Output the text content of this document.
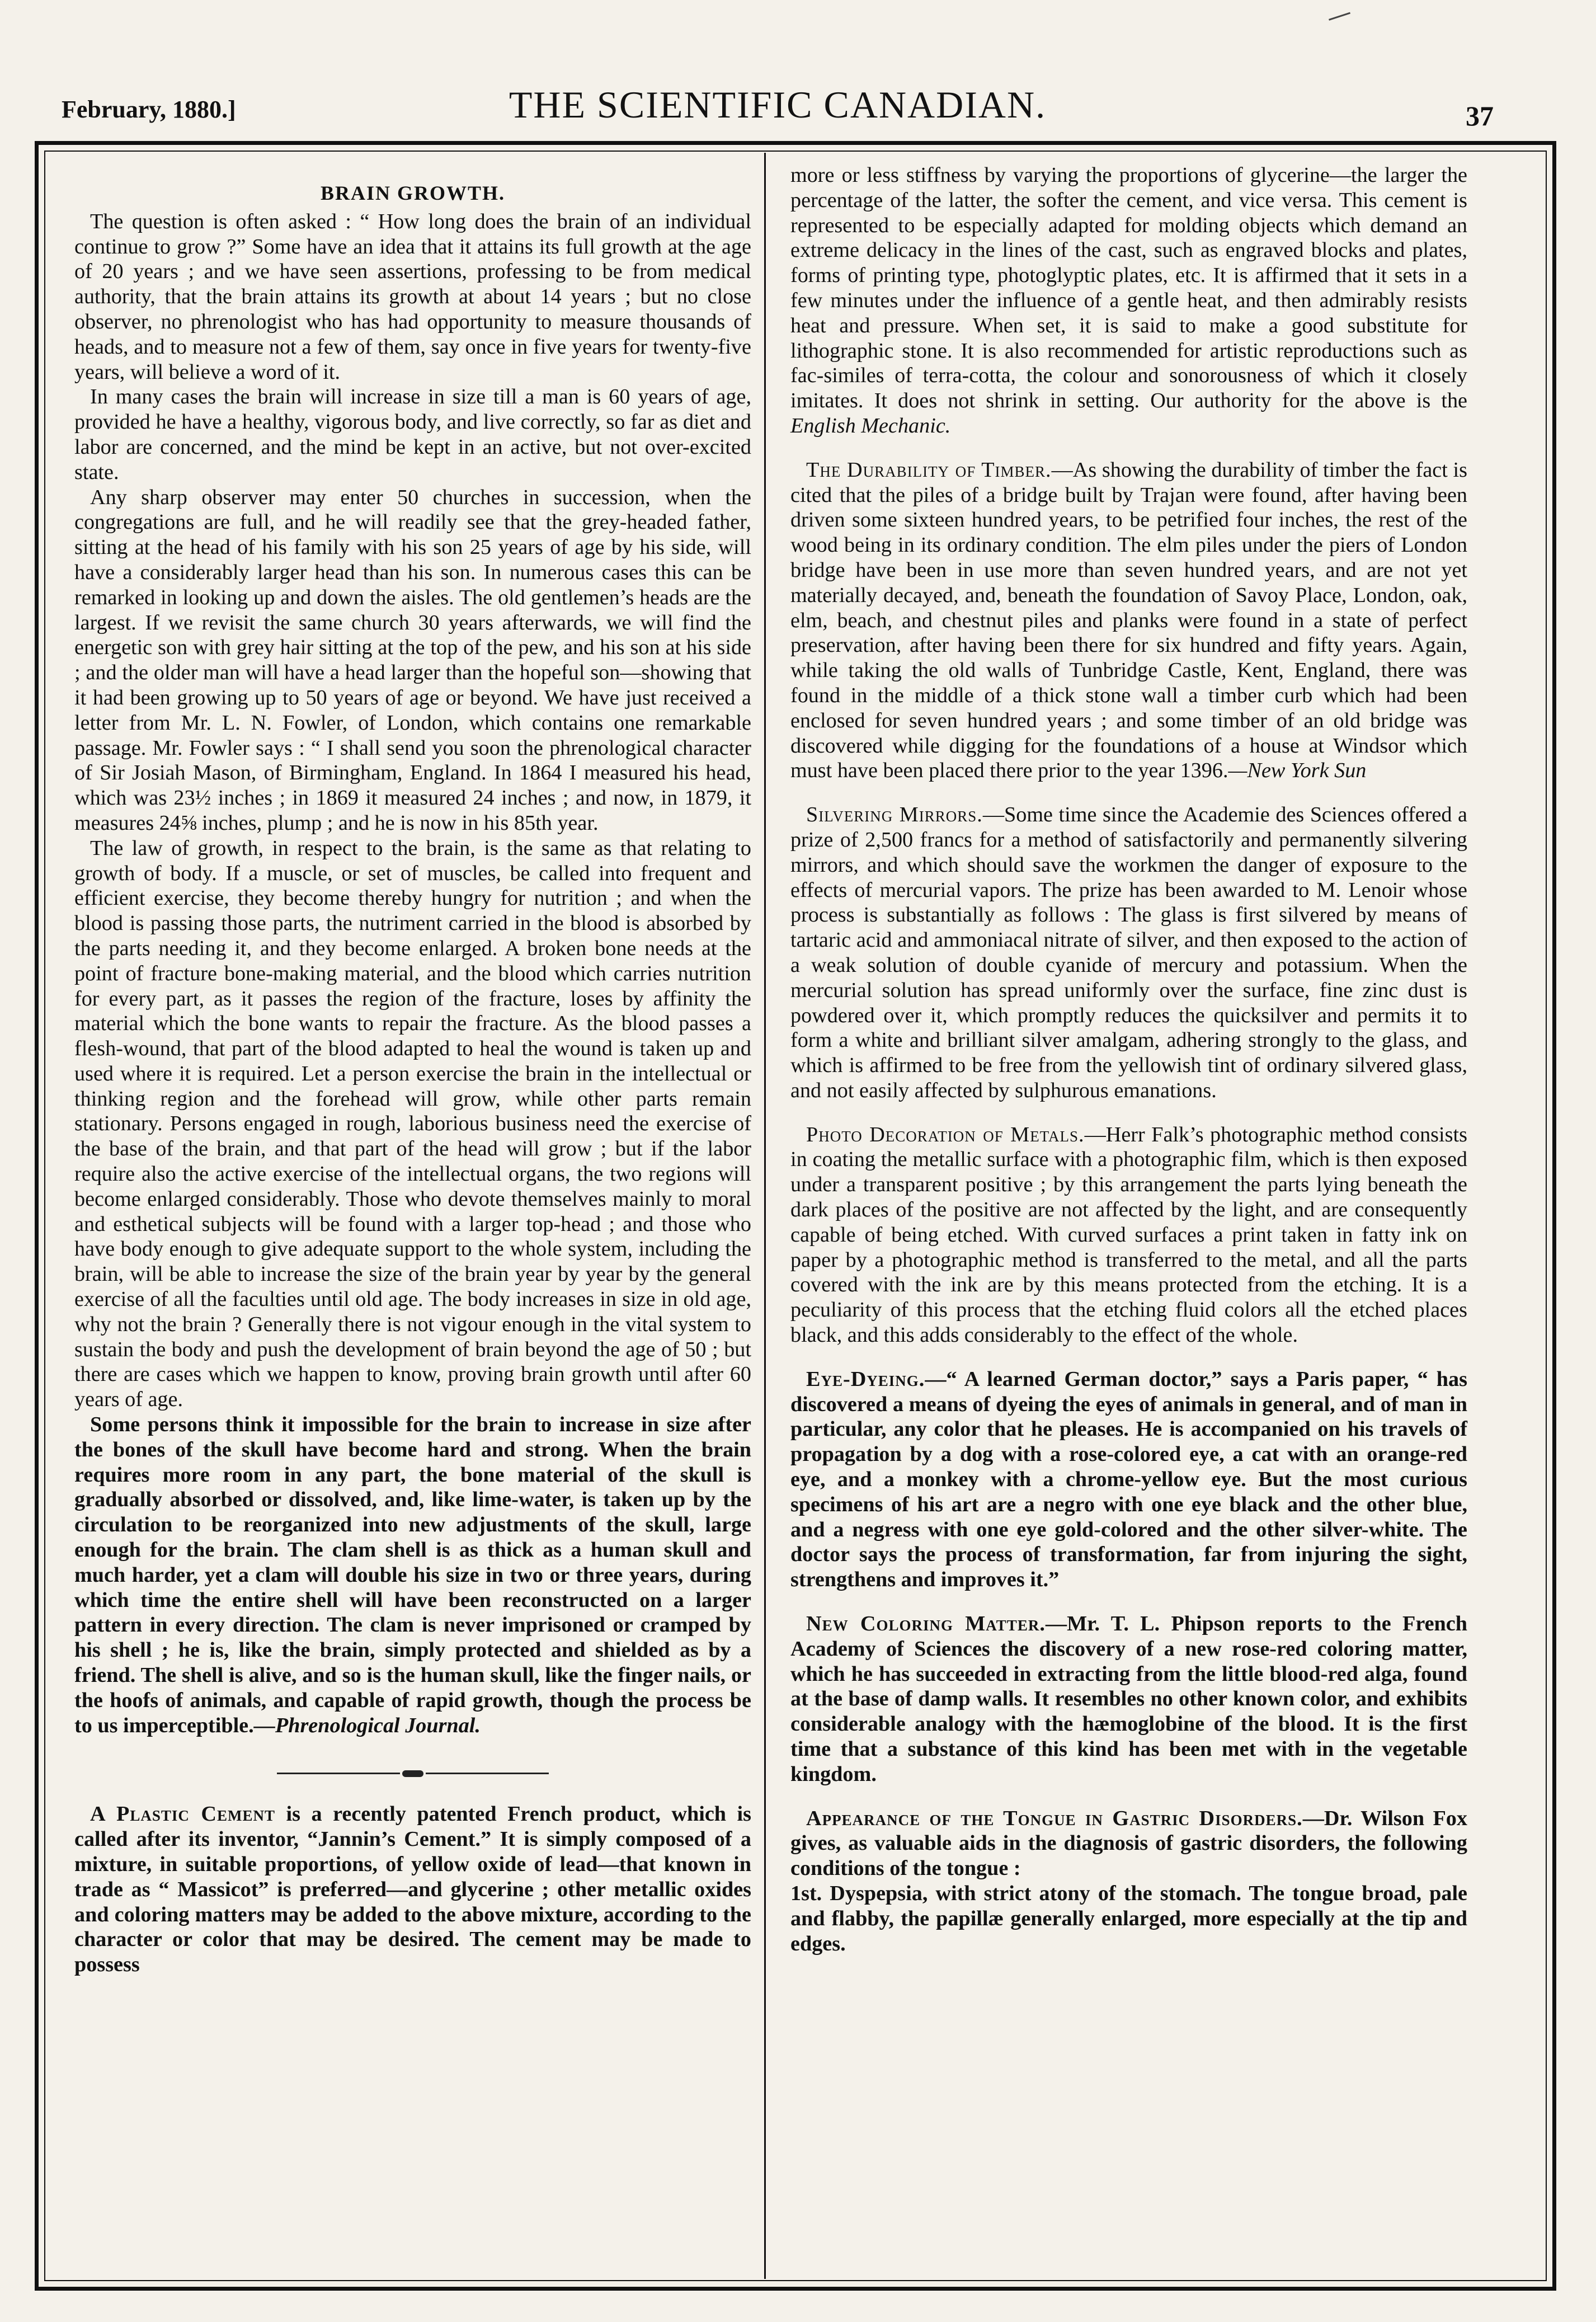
February, 1880.]	THE SCIENTIFIC CANADIAN.	37
BRAIN GROWTH.

The question is often asked : “ How long does the brain of an individual continue to grow ?” Some have an idea that it attains its full growth at the age of 20 years ; and we have seen assertions, professing to be from medical authority, that the brain attains its growth at about 14 years ; but no close observer, no phrenologist who has had opportunity to measure thousands of heads, and to measure not a few of them, say once in five years for twenty-five years, will believe a word of it.

In many cases the brain will increase in size till a man is 60 years of age, provided he have a healthy, vigorous body, and live correctly, so far as diet and labor are concerned, and the mind be kept in an active, but not over-excited state.

Any sharp observer may enter 50 churches in succession, when the congregations are full, and he will readily see that the grey-headed father, sitting at the head of his family with his son 25 years of age by his side, will have a considerably larger head than his son. In numerous cases this can be remarked in looking up and down the aisles. The old gentlemen’s heads are the largest. If we revisit the same church 30 years afterwards, we will find the energetic son with grey hair sitting at the top of the pew, and his son at his side ; and the older man will have a head larger than the hopeful son—showing that it had been growing up to 50 years of age or beyond. We have just received a letter from Mr. L. N. Fowler, of London, which contains one remarkable passage. Mr. Fowler says : “ I shall send you soon the phrenological character of Sir Josiah Mason, of Birmingham, England. In 1864 I measured his head, which was 23½ inches ; in 1869 it measured 24 inches ; and now, in 1879, it measures 24⅝ inches, plump ; and he is now in his 85th year.

The law of growth, in respect to the brain, is the same as that relating to growth of body. If a muscle, or set of muscles, be called into frequent and efficient exercise, they become thereby hungry for nutrition ; and when the blood is passing those parts, the nutriment carried in the blood is absorbed by the parts needing it, and they become enlarged. A broken bone needs at the point of fracture bone-making material, and the blood which carries nutrition for every part, as it passes the region of the fracture, loses by affinity the material which the bone wants to repair the fracture. As the blood passes a flesh-wound, that part of the blood adapted to heal the wound is taken up and used where it is required. Let a person exercise the brain in the intellectual or thinking region and the forehead will grow, while other parts remain stationary. Persons engaged in rough, laborious business need the exercise of the base of the brain, and that part of the head will grow ; but if the labor require also the active exercise of the intellectual organs, the two regions will become enlarged considerably. Those who devote themselves mainly to moral and esthetical subjects will be found with a larger top-head ; and those who have body enough to give adequate support to the whole system, including the brain, will be able to increase the size of the brain year by year by the general exercise of all the faculties until old age. The body increases in size in old age, why not the brain ? Generally there is not vigour enough in the vital system to sustain the body and push the development of brain beyond the age of 50 ; but there are cases which we happen to know, proving brain growth until after 60 years of age.

Some persons think it impossible for the brain to increase in size after the bones of the skull have become hard and strong. When the brain requires more room in any part, the bone material of the skull is gradually absorbed or dissolved, and, like lime-water, is taken up by the circulation to be reorganized into new adjustments of the skull, large enough for the brain. The clam shell is as thick as a human skull and much harder, yet a clam will double his size in two or three years, during which time the entire shell will have been reconstructed on a larger pattern in every direction. The clam is never imprisoned or cramped by his shell ; he is, like the brain, simply protected and shielded as by a friend. The shell is alive, and so is the human skull, like the finger nails, or the hoofs of animals, and capable of rapid growth, though the process be to us imperceptible.—Phrenological Journal.

A Plastic Cement is a recently patented French product, which is called after its inventor, “Jannin’s Cement.” It is simply composed of a mixture, in suitable proportions, of yellow oxide of lead—that known in trade as “ Massicot” is preferred—and glycerine ; other metallic oxides and coloring matters may be added to the above mixture, according to the character or color that may be desired. The cement may be made to possess

more or less stiffness by varying the proportions of glycerine—the larger the percentage of the latter, the softer the cement, and vice versa. This cement is represented to be especially adapted for molding objects which demand an extreme delicacy in the lines of the cast, such as engraved blocks and plates, forms of printing type, photoglyptic plates, etc. It is affirmed that it sets in a few minutes under the influence of a gentle heat, and then admirably resists heat and pressure. When set, it is said to make a good substitute for lithographic stone. It is also recommended for artistic reproductions such as fac-similes of terra-cotta, the colour and sonorousness of which it closely imitates. It does not shrink in setting. Our authority for the above is the English Mechanic.

The Durability of Timber.—As showing the durability of timber the fact is cited that the piles of a bridge built by Trajan were found, after having been driven some sixteen hundred years, to be petrified four inches, the rest of the wood being in its ordinary condition. The elm piles under the piers of London bridge have been in use more than seven hundred years, and are not yet materially decayed, and, beneath the foundation of Savoy Place, London, oak, elm, beach, and chestnut piles and planks were found in a state of perfect preservation, after having been there for six hundred and fifty years. Again, while taking the old walls of Tunbridge Castle, Kent, England, there was found in the middle of a thick stone wall a timber curb which had been enclosed for seven hundred years ; and some timber of an old bridge was discovered while digging for the foundations of a house at Windsor which must have been placed there prior to the year 1396.—New York Sun

Silvering Mirrors.—Some time since the Academie des Sciences offered a prize of 2,500 francs for a method of satisfactorily and permanently silvering mirrors, and which should save the workmen the danger of exposure to the effects of mercurial vapors. The prize has been awarded to M. Lenoir whose process is substantially as follows : The glass is first silvered by means of tartaric acid and ammoniacal nitrate of silver, and then exposed to the action of a weak solution of double cyanide of mercury and potassium. When the mercurial solution has spread uniformly over the surface, fine zinc dust is powdered over it, which promptly reduces the quicksilver and permits it to form a white and brilliant silver amalgam, adhering strongly to the glass, and which is affirmed to be free from the yellowish tint of ordinary silvered glass, and not easily affected by sulphurous emanations.

Photo Decoration of Metals.—Herr Falk’s photographic method consists in coating the metallic surface with a photographic film, which is then exposed under a transparent positive ; by this arrangement the parts lying beneath the dark places of the positive are not affected by the light, and are consequently capable of being etched. With curved surfaces a print taken in fatty ink on paper by a photographic method is transferred to the metal, and all the parts covered with the ink are by this means protected from the etching. It is a peculiarity of this process that the etching fluid colors all the etched places black, and this adds considerably to the effect of the whole.

Eye-Dyeing.—“ A learned German doctor,” says a Paris paper, “ has discovered a means of dyeing the eyes of animals in general, and of man in particular, any color that he pleases. He is accompanied on his travels of propagation by a dog with a rose-colored eye, a cat with an orange-red eye, and a monkey with a chrome-yellow eye. But the most curious specimens of his art are a negro with one eye black and the other blue, and a negress with one eye gold-colored and the other silver-white. The doctor says the process of transformation, far from injuring the sight, strengthens and improves it.”

New Coloring Matter.—Mr. T. L. Phipson reports to the French Academy of Sciences the discovery of a new rose-red coloring matter, which he has succeeded in extracting from the little blood-red alga, found at the base of damp walls. It resembles no other known color, and exhibits considerable analogy with the hæmoglobine of the blood. It is the first time that a substance of this kind has been met with in the vegetable kingdom.

Appearance of the Tongue in Gastric Disorders.—Dr. Wilson Fox gives, as valuable aids in the diagnosis of gastric disorders, the following conditions of the tongue :

1st. Dyspepsia, with strict atony of the stomach. The tongue broad, pale and flabby, the papillæ generally enlarged, more especially at the tip and edges.
